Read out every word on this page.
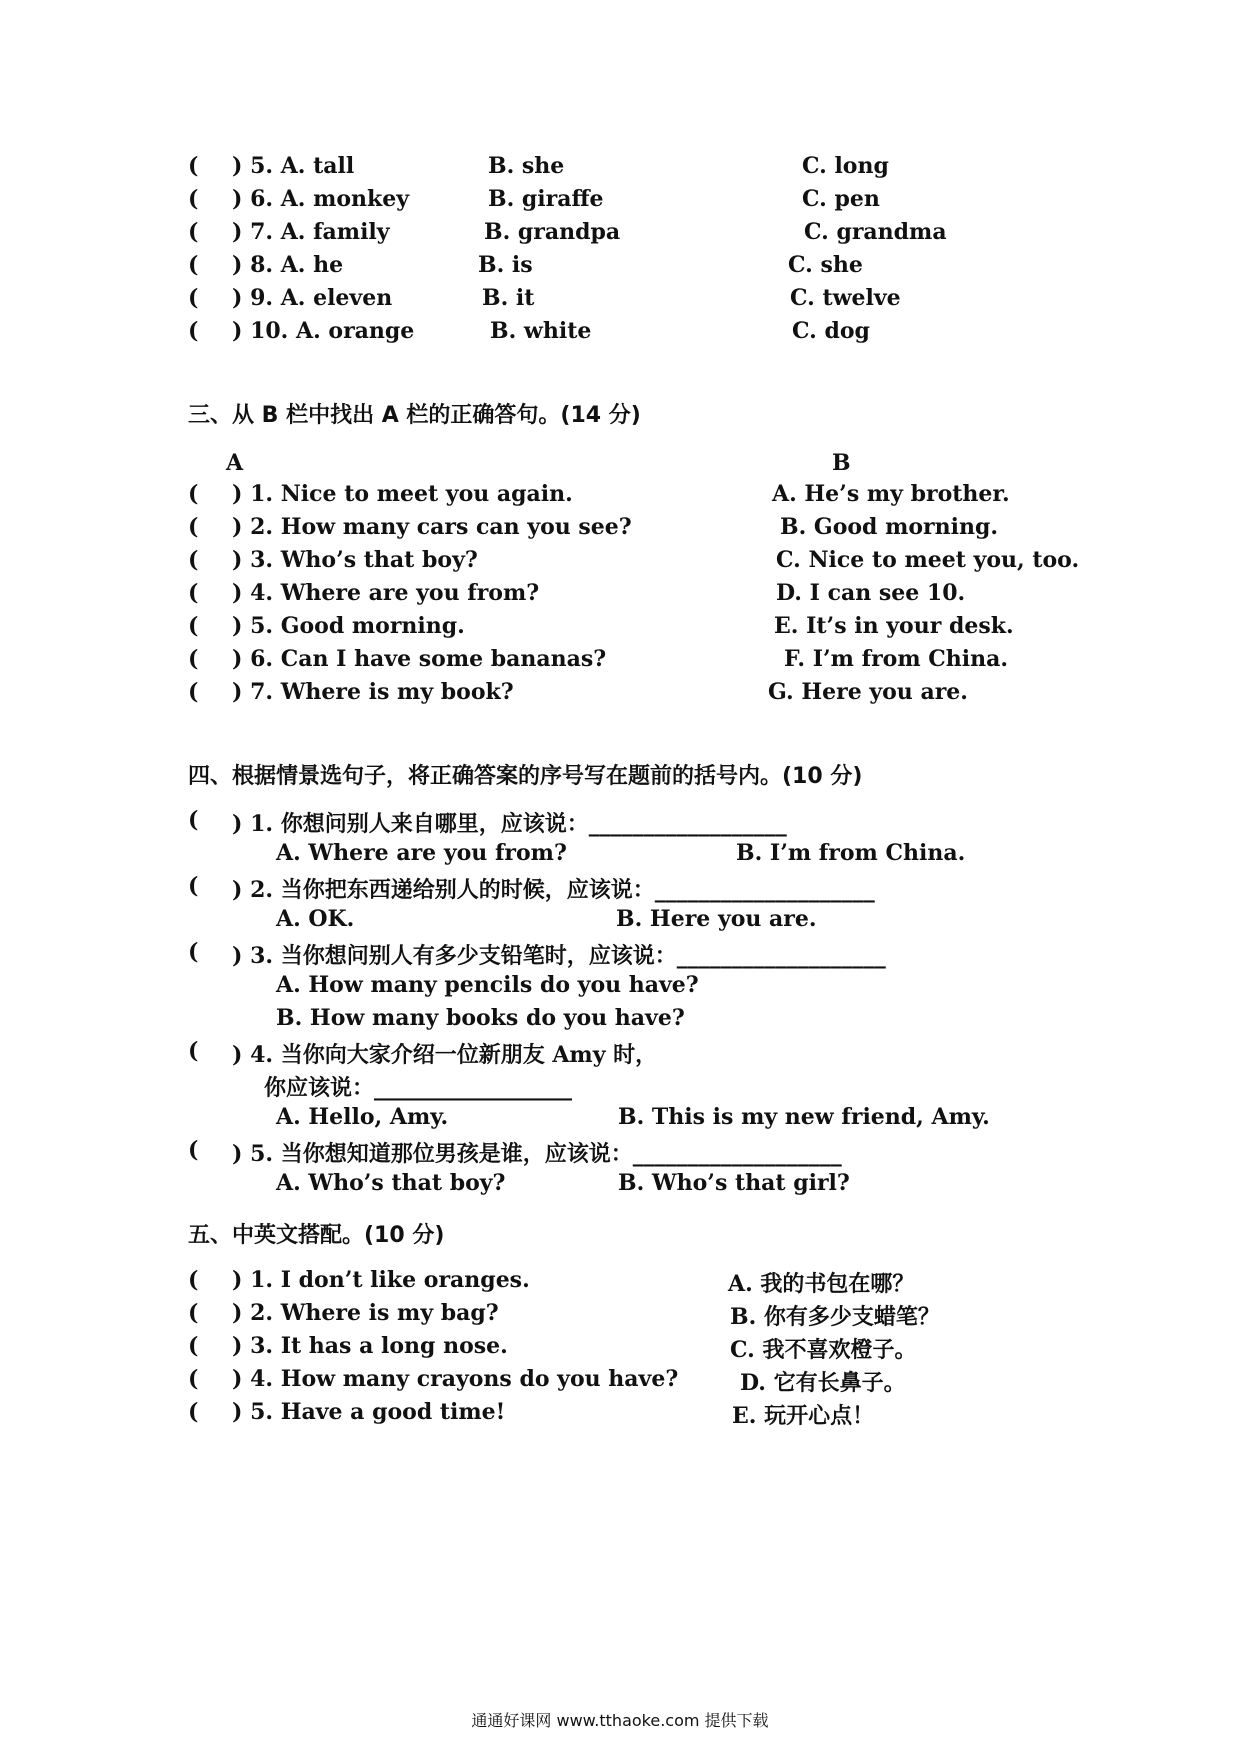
( ) 5. A. tall	B. she	C. long
( ) 6. A. monkey	B. giraffe	C. pen
( ) 7. A. family	B. grandpa	C. grandma
( ) 8. A. he	B. is	C. she
( ) 9. A. eleven	B. it	C. twelve
( ) 10. A. orange	B. white	C. dog
三、从 B 栏中找出 A 栏的正确答句。(14 分)
A	B
( ) 1. Nice to meet you again.	A. He’s my brother.
( ) 2. How many cars can you see?	B. Good morning.
( ) 3. Who’s that boy?	C. Nice to meet you, too.
( ) 4. Where are you from?	D. I can see 10.
( ) 5. Good morning.	E. It’s in your desk.
( ) 6. Can I have some bananas?	F. I’m from China.
( ) 7. Where is my book?	G. Here you are.
四、根据情景选句子，将正确答案的序号写在题前的括号内。(10 分)
( ) 1. 你想问别人来自哪里，应该说：__________________
A. Where are you from?	B. I’m from China.
( ) 2. 当你把东西递给别人的时候，应该说：____________________
A. OK.	B. Here you are.
( ) 3. 当你想问别人有多少支铅笔时，应该说：___________________
A. How many pencils do you have?
B. How many books do you have?
( ) 4. 当你向大家介绍一位新朋友 Amy 时，
你应该说：__________________
A. Hello, Amy.	B. This is my new friend, Amy.
( ) 5. 当你想知道那位男孩是谁，应该说：___________________
A. Who’s that boy?	B. Who’s that girl?
五、中英文搭配。(10 分)
( ) 1. I don’t like oranges.	A. 我的书包在哪？
( ) 2. Where is my bag?	B. 你有多少支蜡笔？
( ) 3. It has a long nose.	C. 我不喜欢橙子。
( ) 4. How many crayons do you have?	D. 它有长鼻子。
( ) 5. Have a good time!	E. 玩开心点！
通通好课网 www.tthaoke.com 提供下载
